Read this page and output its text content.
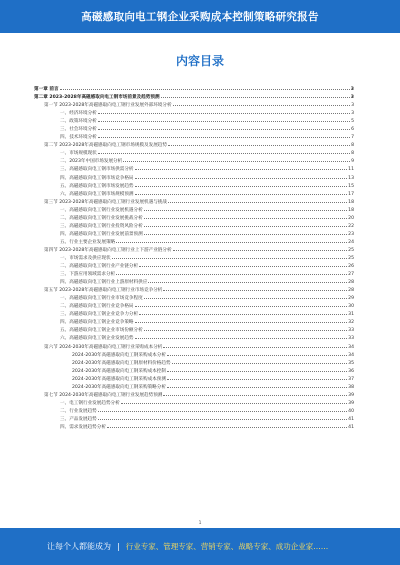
高磁感取向电工钢企业采购成本控制策略研究报告
内容目录
第一章 前言	3
第二章 2023-2028年高磁感取向电工钢市场前景及趋势预测	3
第一节 2023-2028年高磁感取向电工钢行业发展外部环境分析	3
一、经济环境分析	3
二、政策环境分析	5
三、社会环境分析	6
四、技术环境分析	7
第二节 2023-2028年高磁感取向电工钢市场规模及发展趋势	8
一、市场规模现状	8
二、2023年中国市场发展分析	9
三、高磁感取向电工钢市场供需分析	11
四、高磁感取向电工钢市场竞争格局	13
五、高磁感取向电工钢市场发展趋势	15
六、高磁感取向电工钢市场规模预测	17
第三节 2023-2028年高磁感取向电工钢行业发展机遇与挑战	18
一、高磁感取向电工钢行业发展机遇分析	18
二、高磁感取向电工钢行业发展挑战分析	20
三、高磁感取向电工钢行业投资风险分析	22
四、高磁感取向电工钢行业发展前景预测	23
五、行业主要企业发展策略	24
第四节 2023-2028年高磁感取向电工钢行业上下游产业链分析	25
一、市场需求及供应现状	25
二、高磁感取向电工钢行业产业链分析	26
三、下游应用领域需求分析	27
四、高磁感取向电工钢行业上游原材料供应	28
第五节 2023-2028年高磁感取向电工钢行业市场竞争分析	28
一、高磁感取向电工钢行业市场竞争程度	29
二、高磁感取向电工钢行业竞争格局	30
三、高磁感取向电工钢企业竞争力分析	31
四、高磁感取向电工钢企业竞争策略	32
五、高磁感取向电工钢企业市场份额分析	33
六、高磁感取向电工钢企业发展趋势	33
第六节 2024-2030年高磁感取向电工钢行业采购成本分析	34
2024-2030年高磁感取向电工钢采购成本分析	34
2024-2030年高磁感取向电工钢原材料价格趋势	35
2024-2030年高磁感取向电工钢采购成本控制	36
2024-2030年高磁感取向电工钢采购成本预测	37
2024-2030年高磁感取向电工钢采购策略分析	38
第七节 2024-2030年高磁感取向电工钢行业发展趋势预测	39
一、电工钢行业发展趋势分析	39
二、行业发展趋势	40
三、产品发展趋势	41
四、需求发展趋势分析	41
1
让每个人都能成为 | 行业专家、管理专家、营销专家、战略专家、成功企业家……
